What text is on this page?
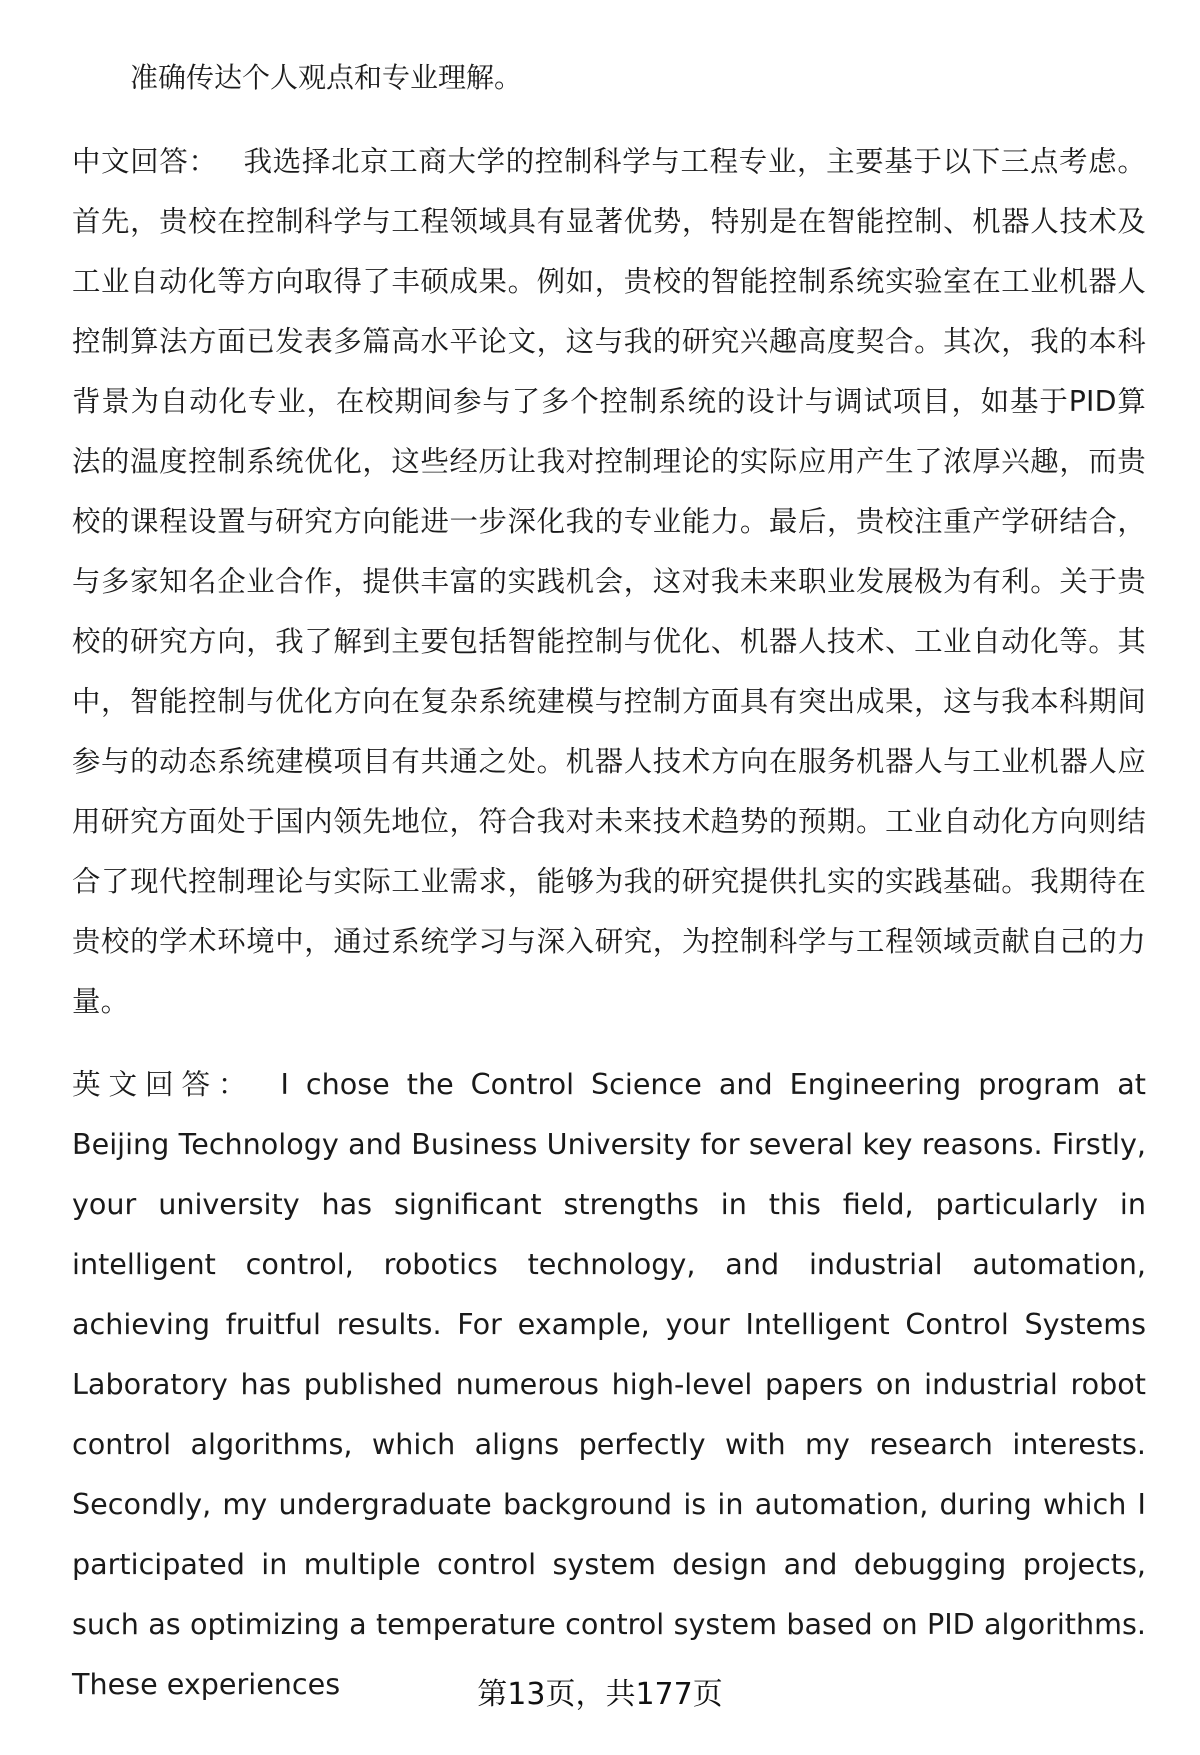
准确传达个人观点和专业理解。

中文回答： 我选择北京工商大学的控制科学与工程专业，主要基于以下三点考虑。首先，贵校在控制科学与工程领域具有显著优势，特别是在智能控制、机器人技术及工业自动化等方向取得了丰硕成果。例如，贵校的智能控制系统实验室在工业机器人控制算法方面已发表多篇高水平论文，这与我的研究兴趣高度契合。其次，我的本科背景为自动化专业，在校期间参与了多个控制系统的设计与调试项目，如基于PID算法的温度控制系统优化，这些经历让我对控制理论的实际应用产生了浓厚兴趣，而贵校的课程设置与研究方向能进一步深化我的专业能力。最后，贵校注重产学研结合，与多家知名企业合作，提供丰富的实践机会，这对我未来职业发展极为有利。关于贵校的研究方向，我了解到主要包括智能控制与优化、机器人技术、工业自动化等。其中，智能控制与优化方向在复杂系统建模与控制方面具有突出成果，这与我本科期间参与的动态系统建模项目有共通之处。机器人技术方向在服务机器人与工业机器人应用研究方面处于国内领先地位，符合我对未来技术趋势的预期。工业自动化方向则结合了现代控制理论与实际工业需求，能够为我的研究提供扎实的实践基础。我期待在贵校的学术环境中，通过系统学习与深入研究，为控制科学与工程领域贡献自己的力量。

英文回答： I chose the Control Science and Engineering program at Beijing Technology and Business University for several key reasons. Firstly, your university has significant strengths in this field, particularly in intelligent control, robotics technology, and industrial automation, achieving fruitful results. For example, your Intelligent Control Systems Laboratory has published numerous high-level papers on industrial robot control algorithms, which aligns perfectly with my research interests. Secondly, my undergraduate background is in automation, during which I participated in multiple control system design and debugging projects, such as optimizing a temperature control system based on PID algorithms. These experiences	第13页，共177页
